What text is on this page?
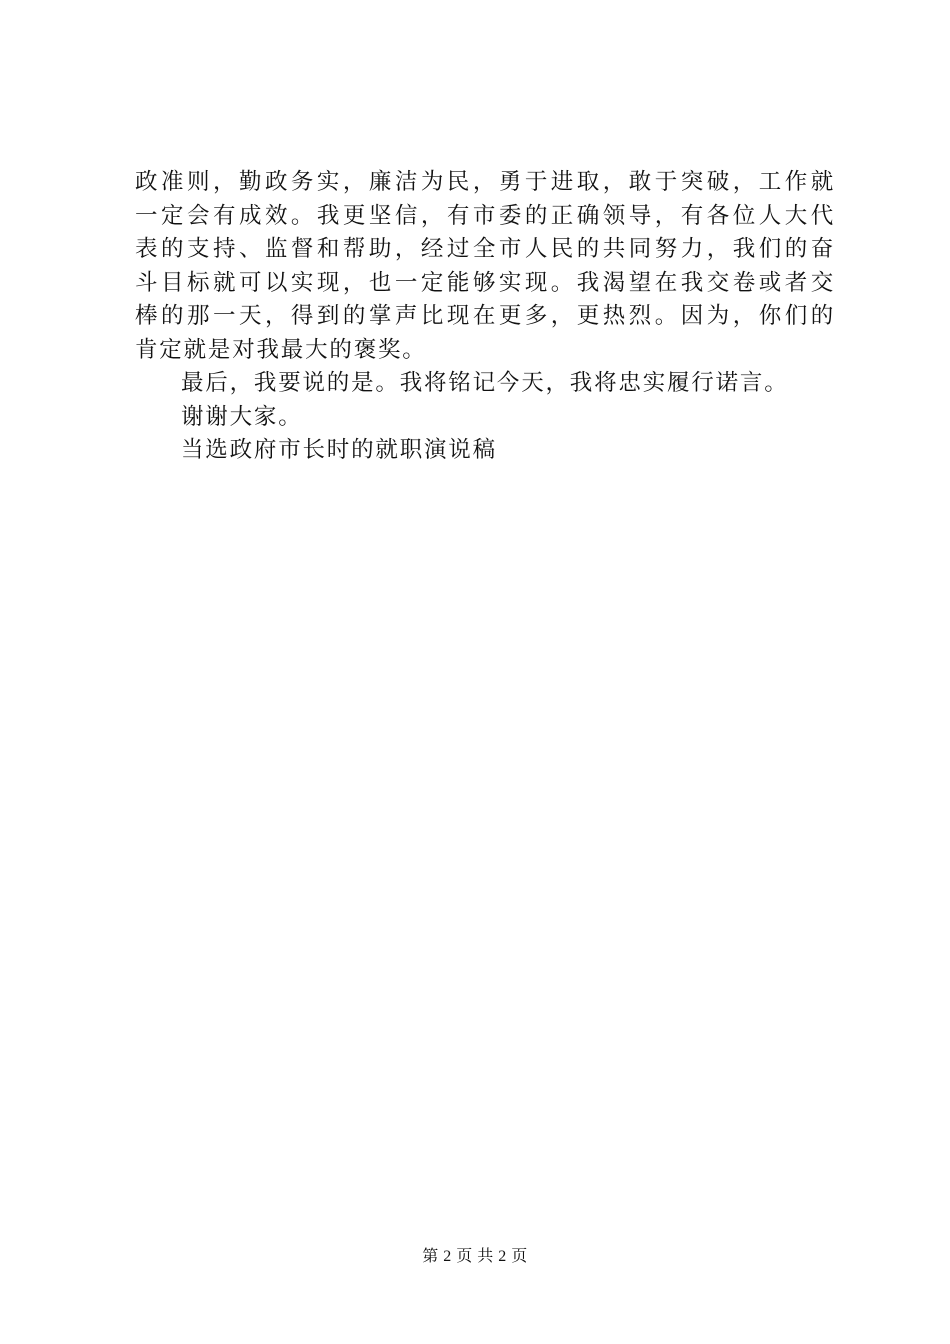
政准则，勤政务实，廉洁为民，勇于进取，敢于突破，工作就
一定会有成效。我更坚信，有市委的正确领导，有各位人大代
表的支持、监督和帮助，经过全市人民的共同努力，我们的奋
斗目标就可以实现，也一定能够实现。我渴望在我交卷或者交
棒的那一天，得到的掌声比现在更多，更热烈。因为，你们的
肯定就是对我最大的褒奖。
最后，我要说的是。我将铭记今天，我将忠实履行诺言。
谢谢大家。
当选政府市长时的就职演说稿
第 2 页 共 2 页
